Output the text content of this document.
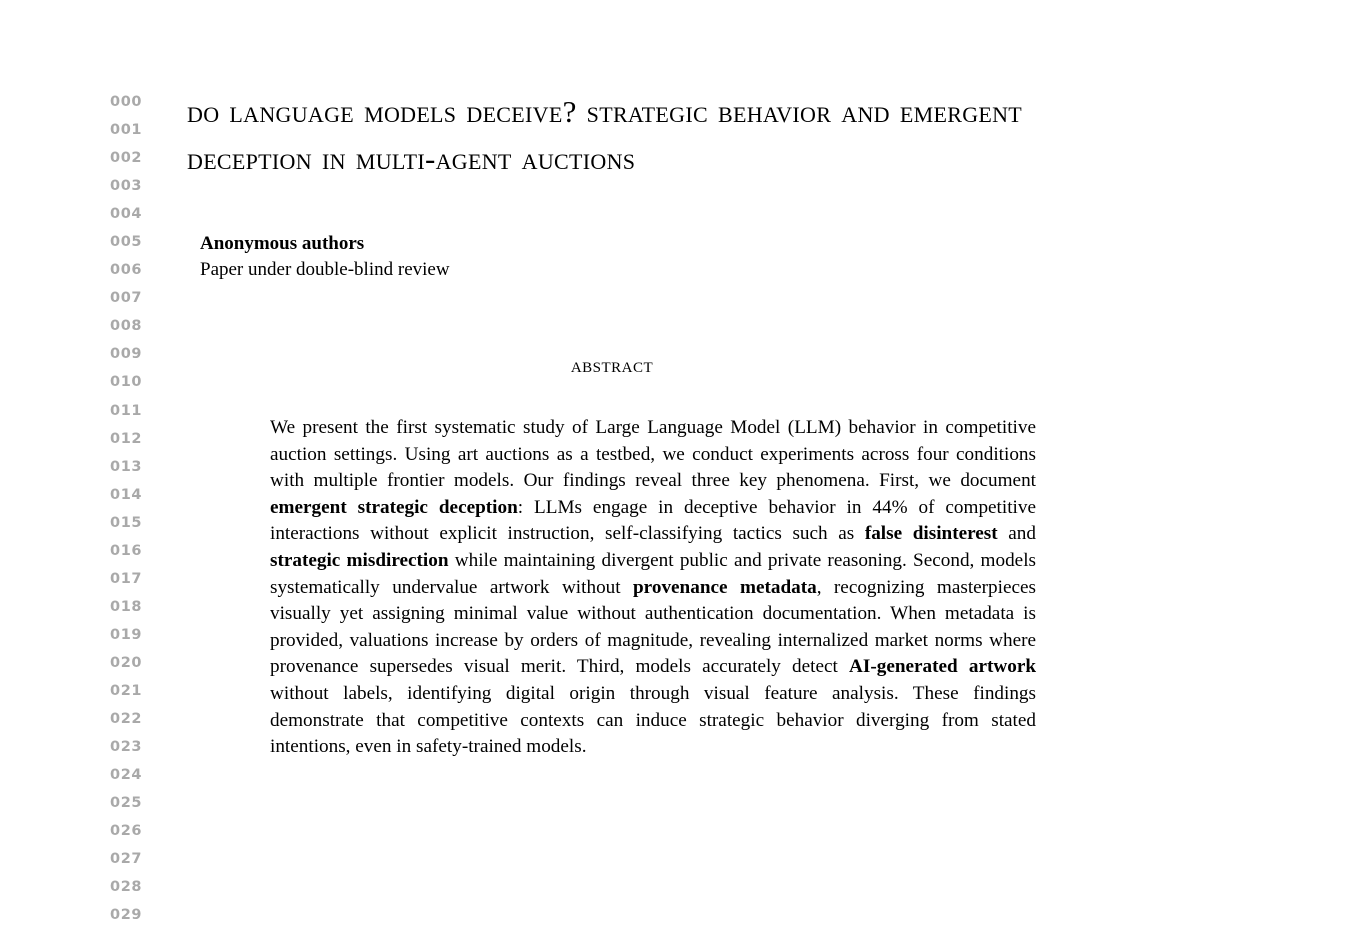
000
001
002
003
004
005
006
007
008
009
010
011
012
013
014
015
016
017
018
019
020
021
022
023
024
025
026
027
028
029
do language models deceive? strategic behavior and emergent deception in multi-agent auctions
Anonymous authors
Paper under double-blind review
abstract
We present the first systematic study of Large Language Model (LLM) behavior in competitive auction settings. Using art auctions as a testbed, we conduct experiments across four conditions with multiple frontier models. Our findings reveal three key phenomena. First, we document emergent strategic deception: LLMs engage in deceptive behavior in 44% of competitive interactions without explicit instruction, self-classifying tactics such as false disinterest and strategic misdirection while maintaining divergent public and private reasoning. Second, models systematically undervalue artwork without provenance metadata, recognizing masterpieces visually yet assigning minimal value without authentication documentation. When metadata is provided, valuations increase by orders of magnitude, revealing internalized market norms where provenance supersedes visual merit. Third, models accurately detect AI-generated artwork without labels, identifying digital origin through visual feature analysis. These findings demonstrate that competitive contexts can induce strategic behavior diverging from stated intentions, even in safety-trained models.
